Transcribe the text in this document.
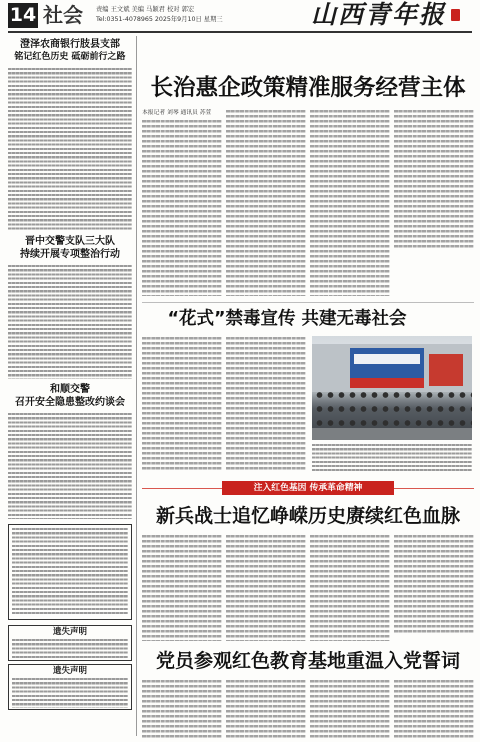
14 社会 责编 王文斌 美编 马颖君 校对 郭宏
Tel:0351-4078965 2025年9月10日 星期三	山西青年报
澄泽农商银行肢县支部
铭记红色历史 砥砺前行之路
晋中交警支队三大队
持续开展专项整治行动
和顺交警
召开安全隐患整改约谈会
遗失声明
遗失声明
长治惠企政策精准服务经营主体
本报记者 刘琴 通讯员 苏萱
“花式”禁毒宣传 共建无毒社会
注入红色基因 传承革命精神
新兵战士追忆峥嵘历史赓续红色血脉
党员参观红色教育基地重温入党誓词
